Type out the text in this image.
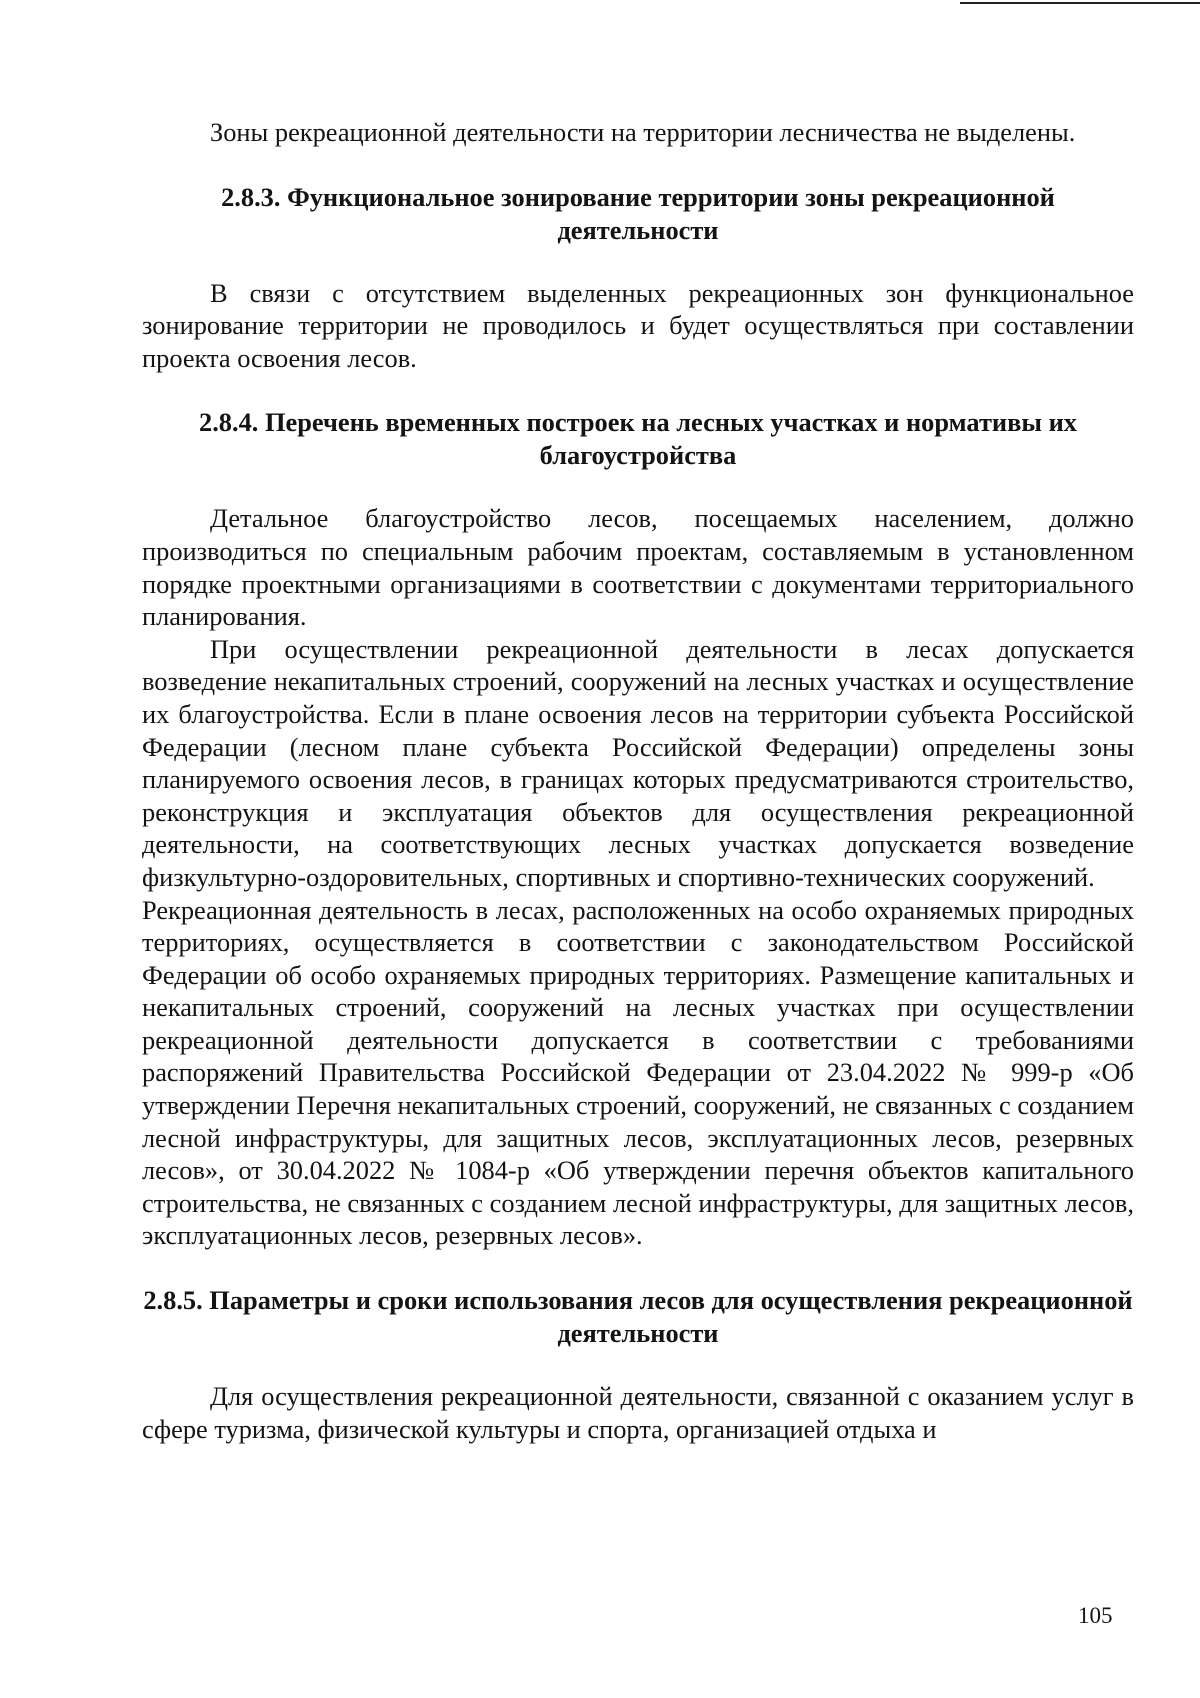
Зоны рекреационной деятельности на территории лесничества не выделены.

2.8.3. Функциональное зонирование территории зоны рекреационной деятельности

В связи с отсутствием выделенных рекреационных зон функциональное зонирование территории не проводилось и будет осуществляться при составлении проекта освоения лесов.

2.8.4. Перечень временных построек на лесных участках и нормативы их благоустройства

Детальное благоустройство лесов, посещаемых населением, должно производиться по специальным рабочим проектам, составляемым в установленном порядке проектными организациями в соответствии с документами территориального планирования.

При осуществлении рекреационной деятельности в лесах допускается возведение некапитальных строений, сооружений на лесных участках и осуществление их благоустройства. Если в плане освоения лесов на территории субъекта Российской Федерации (лесном плане субъекта Российской Федерации) определены зоны планируемого освоения лесов, в границах которых предусматриваются строительство, реконструкция и эксплуатация объектов для осуществления рекреационной деятельности, на соответствующих лесных участках допускается возведение физкультурно-оздоровительных, спортивных и спортивно-технических сооружений.

Рекреационная деятельность в лесах, расположенных на особо охраняемых природных территориях, осуществляется в соответствии с законодательством Российской Федерации об особо охраняемых природных территориях. Размещение капитальных и некапитальных строений, сооружений на лесных участках при осуществлении рекреационной деятельности допускается в соответствии с требованиями распоряжений Правительства Российской Федерации от 23.04.2022 № 999-р «Об утверждении Перечня некапитальных строений, сооружений, не связанных с созданием лесной инфраструктуры, для защитных лесов, эксплуатационных лесов, резервных лесов», от 30.04.2022 № 1084-р «Об утверждении перечня объектов капитального строительства, не связанных с созданием лесной инфраструктуры, для защитных лесов, эксплуатационных лесов, резервных лесов».

2.8.5. Параметры и сроки использования лесов для осуществления рекреационной деятельности

Для осуществления рекреационной деятельности, связанной с оказанием услуг в сфере туризма, физической культуры и спорта, организацией отдыха и

105
